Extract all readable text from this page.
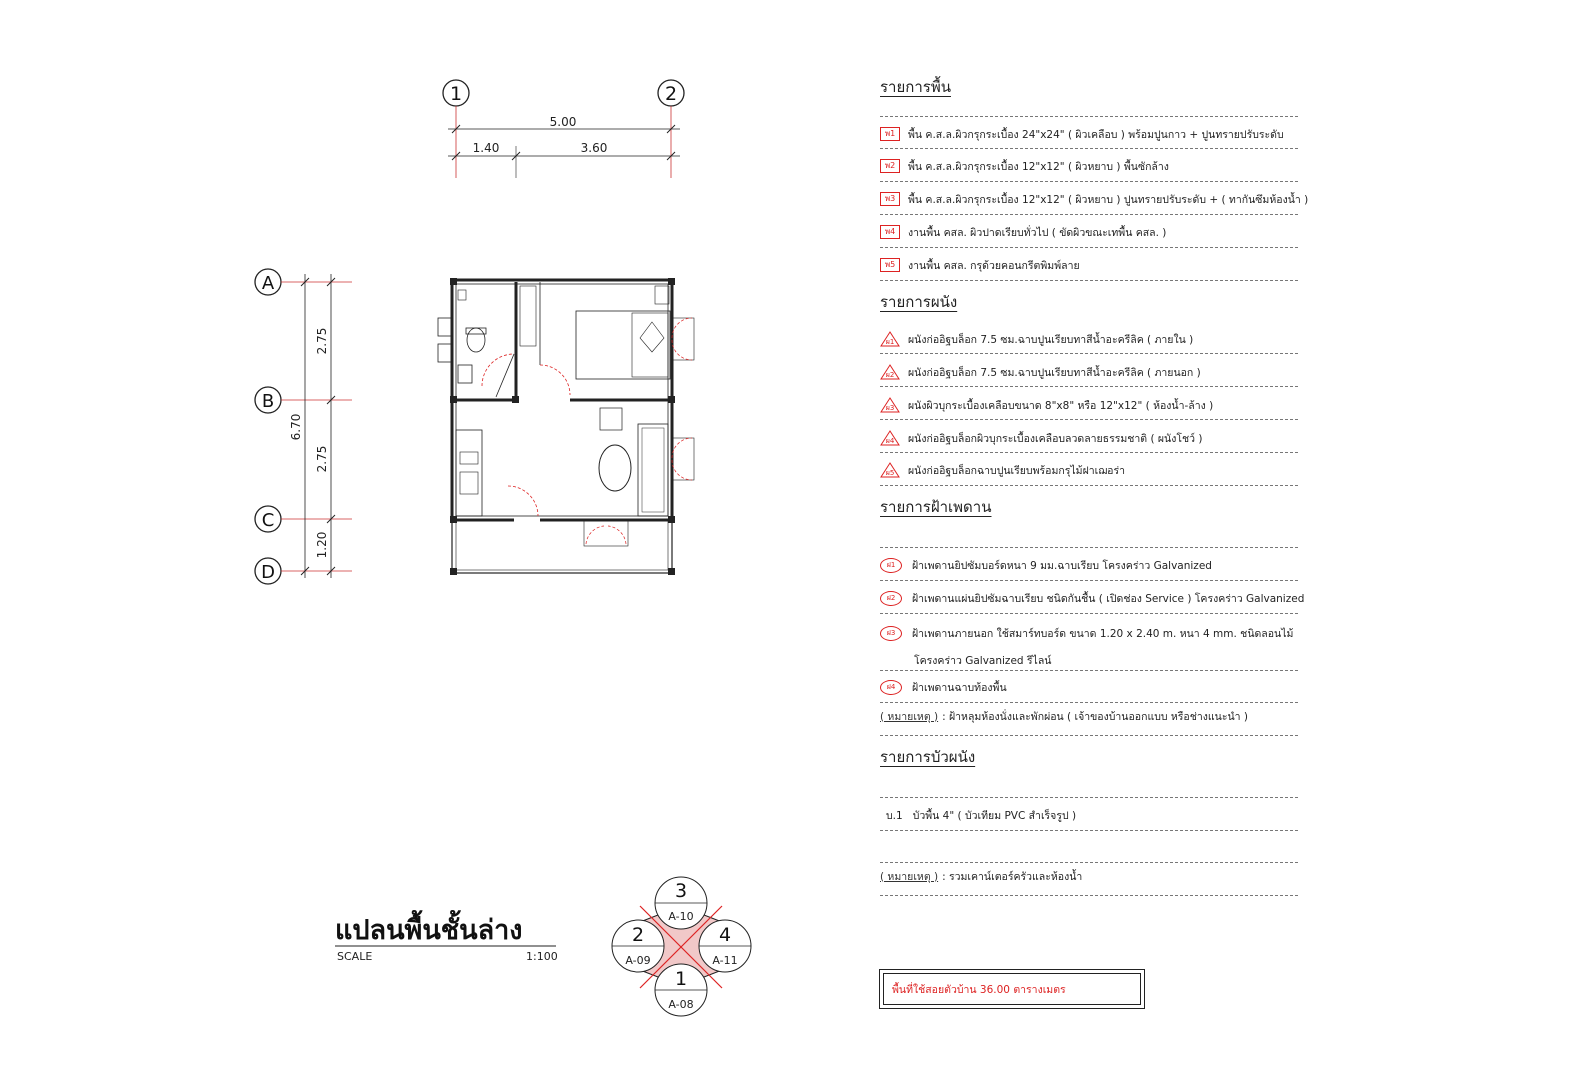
1	2
5.00
1.40	3.60
A
B
C
D
6.70
2.75
2.75
1.20
3
A-10
2
A-09
4
A-11
1
A-08
แปลนพื้นชั้นล่าง
SCALE	1:100
รายการพื้น
พ1	พื้น ค.ส.ล.ผิวกรุกระเบื้อง 24"x24" ( ผิวเคลือบ ) พร้อมปูนกาว + ปูนทรายปรับระดับ
พ2	พื้น ค.ส.ล.ผิวกรุกระเบื้อง 12"x12" ( ผิวหยาบ ) พื้นซักล้าง
พ3	พื้น ค.ส.ล.ผิวกรุกระเบื้อง 12"x12" ( ผิวหยาบ ) ปูนทรายปรับระดับ + ( ทากันซึมห้องน้ำ )
พ4	งานพื้น คสล. ผิวปาดเรียบทั่วไป ( ขัดผิวขณะเทพื้น คสล. )
พ5	งานพื้น คสล. กรุด้วยคอนกรีตพิมพ์ลาย
รายการผนัง
ผ1	ผนังก่ออิฐบล็อก 7.5 ซม.ฉาบปูนเรียบทาสีน้ำอะครีลิค ( ภายใน )
ผ2	ผนังก่ออิฐบล็อก 7.5 ซม.ฉาบปูนเรียบทาสีน้ำอะครีลิค ( ภายนอก )
ผ3	ผนังผิวบุกระเบื้องเคลือบขนาด 8"x8" หรือ 12"x12" ( ห้องน้ำ-ล้าง )
ผ4	ผนังก่ออิฐบล็อกผิวบุกระเบื้องเคลือบลวดลายธรรมชาติ ( ผนังโชว์ )
ผ5	ผนังก่ออิฐบล็อกฉาบปูนเรียบพร้อมกรุไม้ฝาเฌอร่า
รายการฝ้าเพดาน
ฝ1	ฝ้าเพดานยิปซัมบอร์ดหนา 9 มม.ฉาบเรียบ โครงคร่าว Galvanized
ฝ2	ฝ้าเพดานแผ่นยิปซัมฉาบเรียบ ชนิดกันชื้น ( เปิดช่อง Service ) โครงคร่าว Galvanized
ฝ3	ฝ้าเพดานภายนอก ใช้สมาร์ทบอร์ด ขนาด 1.20 x 2.40 m. หนา 4 mm. ชนิดลอนไม้
โครงคร่าว Galvanized รีไลน์
ฝ4	ฝ้าเพดานฉาบท้องพื้น
( หมายเหตุ ) : ฝ้าหลุมห้องนั่งและพักผ่อน ( เจ้าของบ้านออกแบบ หรือช่างแนะนำ )
รายการบัวผนัง
บ.1 บัวพื้น 4" ( บัวเทียม PVC สำเร็จรูป )
( หมายเหตุ ) : รวมเคาน์เตอร์ครัวและห้องน้ำ
พื้นที่ใช้สอยตัวบ้าน 36.00 ตารางเมตร
